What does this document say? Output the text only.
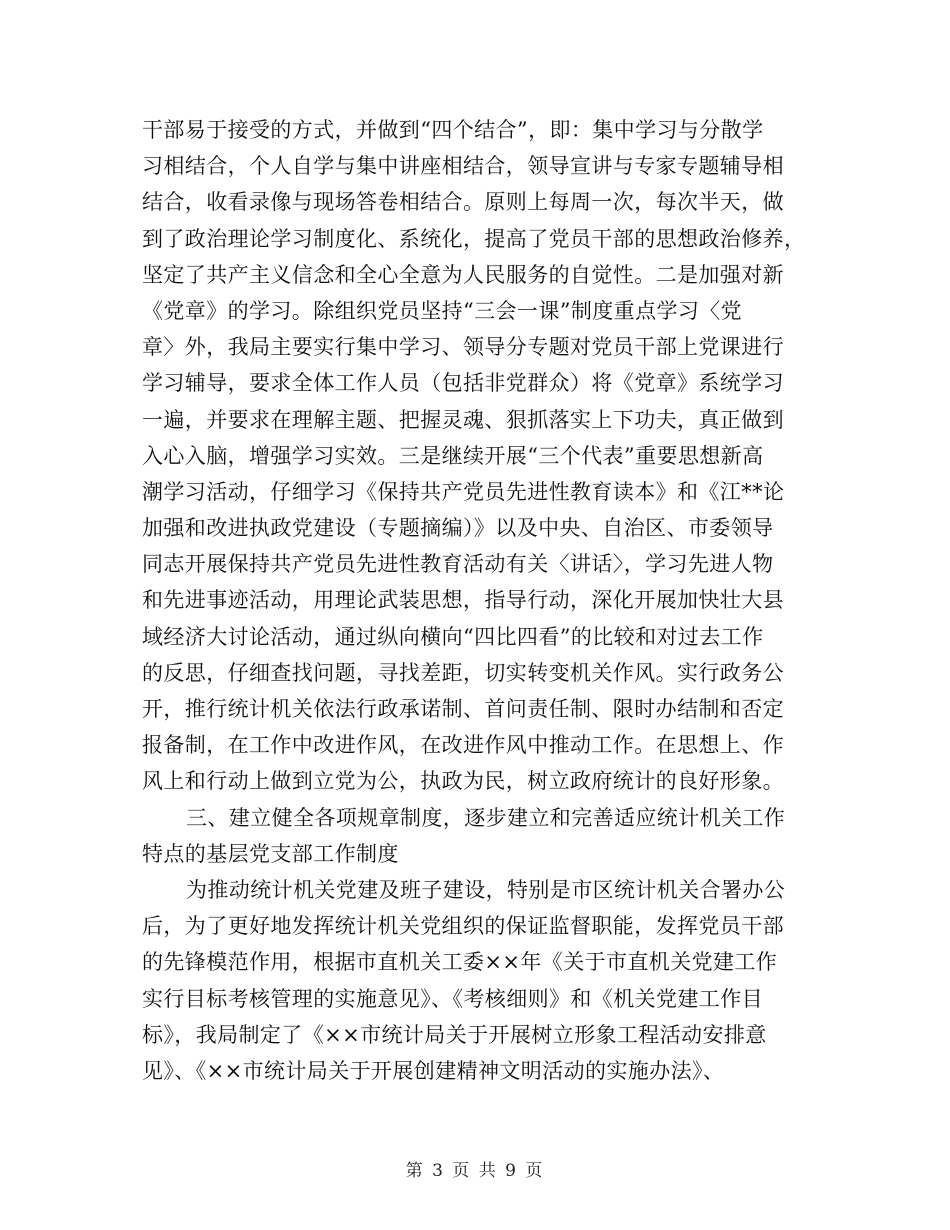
干部易于接受的方式，并做到“四个结合”，即：集中学习与分散学
习相结合，个人自学与集中讲座相结合，领导宣讲与专家专题辅导相
结合，收看录像与现场答卷相结合。原则上每周一次，每次半天，做
到了政治理论学习制度化、系统化，提高了党员干部的思想政治修养，
坚定了共产主义信念和全心全意为人民服务的自觉性。二是加强对新
《党章》的学习。除组织党员坚持“三会一课”制度重点学习〈党
章〉外，我局主要实行集中学习、领导分专题对党员干部上党课进行
学习辅导，要求全体工作人员（包括非党群众）将《党章》系统学习
一遍，并要求在理解主题、把握灵魂、狠抓落实上下功夫，真正做到
入心入脑，增强学习实效。三是继续开展“三个代表”重要思想新高
潮学习活动，仔细学习《保持共产党员先进性教育读本》和《江**论
加强和改进执政党建设（专题摘编）》以及中央、自治区、市委领导
同志开展保持共产党员先进性教育活动有关〈讲话〉，学习先进人物
和先进事迹活动，用理论武装思想，指导行动，深化开展加快壮大县
域经济大讨论活动，通过纵向横向“四比四看”的比较和对过去工作
的反思，仔细查找问题，寻找差距，切实转变机关作风。实行政务公
开，推行统计机关依法行政承诺制、首问责任制、限时办结制和否定
报备制，在工作中改进作风，在改进作风中推动工作。在思想上、作
风上和行动上做到立党为公，执政为民，树立政府统计的良好形象。
三、建立健全各项规章制度，逐步建立和完善适应统计机关工作
特点的基层党支部工作制度
为推动统计机关党建及班子建设，特别是市区统计机关合署办公
后，为了更好地发挥统计机关党组织的保证监督职能，发挥党员干部
的先锋模范作用，根据市直机关工委××年《关于市直机关党建工作
实行目标考核管理的实施意见》、《考核细则》和《机关党建工作目
标》，我局制定了《××市统计局关于开展树立形象工程活动安排意
见》、《××市统计局关于开展创建精神文明活动的实施办法》、
第 3 页 共 9 页
